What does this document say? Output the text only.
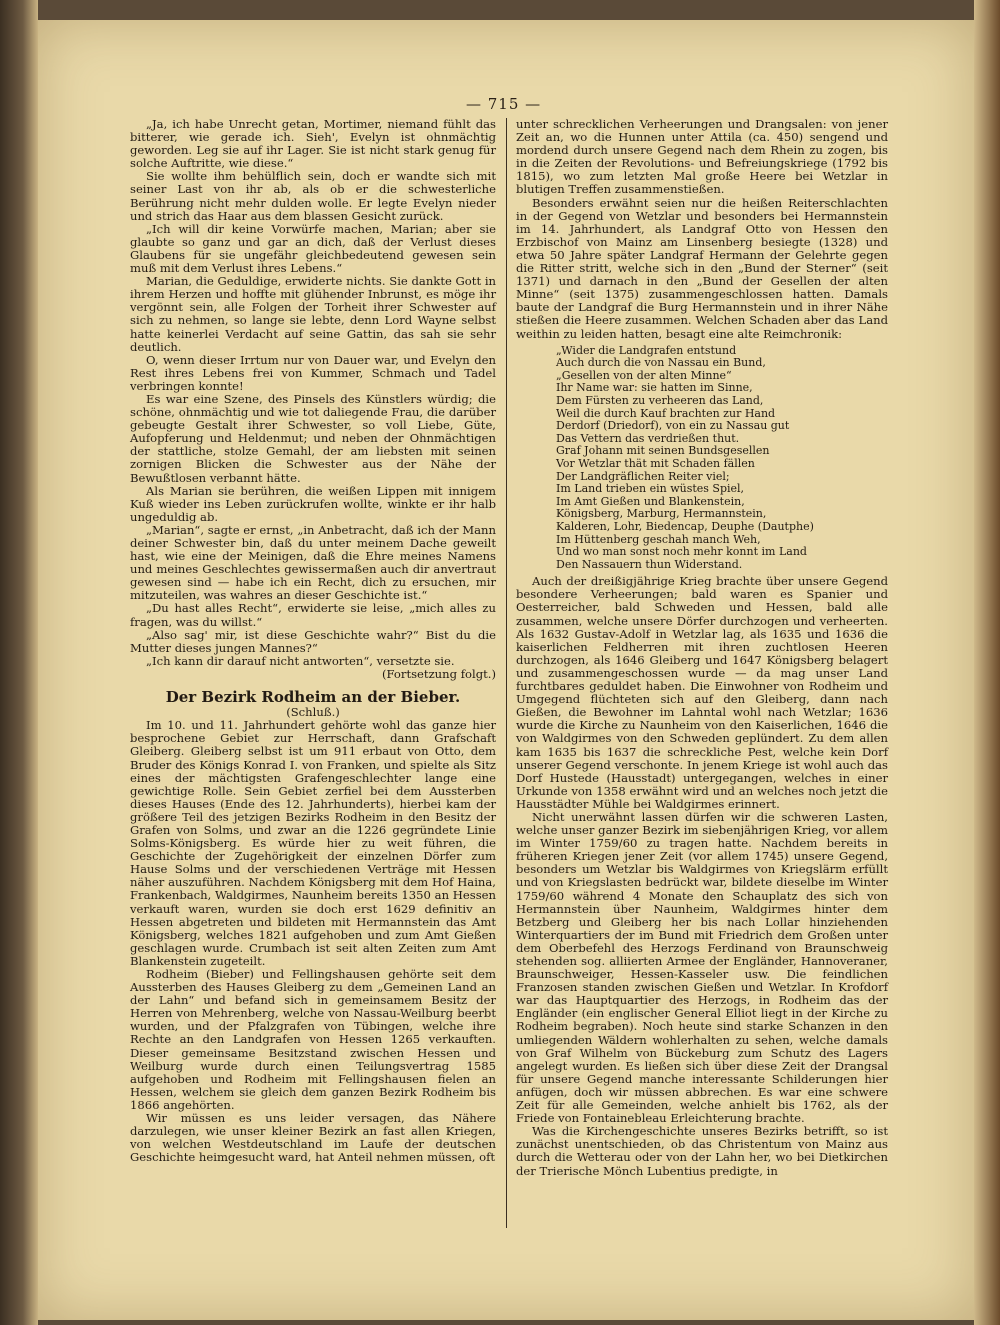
— 715 —

„Ja, ich habe Unrecht getan, Mortimer, niemand fühlt das bitterer, wie gerade ich. Sieh', Evelyn ist ohnmächtig geworden. Leg sie auf ihr Lager. Sie ist nicht stark genug für solche Auftritte, wie diese.“

Sie wollte ihm behülflich sein, doch er wandte sich mit seiner Last von ihr ab, als ob er die schwesterliche Berührung nicht mehr dulden wolle. Er legte Evelyn nieder und strich das Haar aus dem blassen Gesicht zurück.

„Ich will dir keine Vorwürfe machen, Marian; aber sie glaubte so ganz und gar an dich, daß der Verlust dieses Glaubens für sie ungefähr gleichbedeutend gewesen sein muß mit dem Verlust ihres Lebens.“

Marian, die Geduldige, erwiderte nichts. Sie dankte Gott in ihrem Herzen und hoffte mit glühender Inbrunst, es möge ihr vergönnt sein, alle Folgen der Torheit ihrer Schwester auf sich zu nehmen, so lange sie lebte, denn Lord Wayne selbst hatte keinerlei Verdacht auf seine Gattin, das sah sie sehr deutlich.

O, wenn dieser Irrtum nur von Dauer war, und Evelyn den Rest ihres Lebens frei von Kummer, Schmach und Tadel verbringen konnte!

Es war eine Szene, des Pinsels des Künstlers würdig; die schöne, ohnmächtig und wie tot daliegende Frau, die darüber gebeugte Gestalt ihrer Schwester, so voll Liebe, Güte, Aufopferung und Heldenmut; und neben der Ohnmächtigen der stattliche, stolze Gemahl, der am liebsten mit seinen zornigen Blicken die Schwester aus der Nähe der Bewußtlosen verbannt hätte.

Als Marian sie berühren, die weißen Lippen mit innigem Kuß wieder ins Leben zurückrufen wollte, winkte er ihr halb ungeduldig ab.

„Marian“, sagte er ernst, „in Anbetracht, daß ich der Mann deiner Schwester bin, daß du unter meinem Dache geweilt hast, wie eine der Meinigen, daß die Ehre meines Namens und meines Geschlechtes gewissermaßen auch dir anvertraut gewesen sind — habe ich ein Recht, dich zu ersuchen, mir mitzuteilen, was wahres an dieser Geschichte ist.“

„Du hast alles Recht“, erwiderte sie leise, „mich alles zu fragen, was du willst.“

„Also sag' mir, ist diese Geschichte wahr?“ Bist du die Mutter dieses jungen Mannes?“

„Ich kann dir darauf nicht antworten“, versetzte sie.

(Fortsetzung folgt.)

Der Bezirk Rodheim an der Bieber.

(Schluß.)

Im 10. und 11. Jahrhundert gehörte wohl das ganze hier besprochene Gebiet zur Herrschaft, dann Grafschaft Gleiberg. Gleiberg selbst ist um 911 erbaut von Otto, dem Bruder des Königs Konrad I. von Franken, und spielte als Sitz eines der mächtigsten Grafengeschlechter lange eine gewichtige Rolle. Sein Gebiet zerfiel bei dem Aussterben dieses Hauses (Ende des 12. Jahrhunderts), hierbei kam der größere Teil des jetzigen Bezirks Rodheim in den Besitz der Grafen von Solms, und zwar an die 1226 gegründete Linie Solms-Königsberg. Es würde hier zu weit führen, die Geschichte der Zugehörigkeit der einzelnen Dörfer zum Hause Solms und der verschiedenen Verträge mit Hessen näher auszuführen. Nachdem Königsberg mit dem Hof Haina, Frankenbach, Waldgirmes, Naunheim bereits 1350 an Hessen verkauft waren, wurden sie doch erst 1629 definitiv an Hessen abgetreten und bildeten mit Hermannstein das Amt Königsberg, welches 1821 aufgehoben und zum Amt Gießen geschlagen wurde. Crumbach ist seit alten Zeiten zum Amt Blankenstein zugeteilt.

Rodheim (Bieber) und Fellingshausen gehörte seit dem Aussterben des Hauses Gleiberg zu dem „Gemeinen Land an der Lahn“ und befand sich in gemeinsamem Besitz der Herren von Mehrenberg, welche von Nassau-Weilburg beerbt wurden, und der Pfalzgrafen von Tübingen, welche ihre Rechte an den Landgrafen von Hessen 1265 verkauften. Dieser gemeinsame Besitzstand zwischen Hessen und Weilburg wurde durch einen Teilungsvertrag 1585 aufgehoben und Rodheim mit Fellingshausen fielen an Hessen, welchem sie gleich dem ganzen Bezirk Rodheim bis 1866 angehörten.

Wir müssen es uns leider versagen, das Nähere darzulegen, wie unser kleiner Bezirk an fast allen Kriegen, von welchen Westdeutschland im Laufe der deutschen Geschichte heimgesucht ward, hat Anteil nehmen müssen, oft

unter schrecklichen Verheerungen und Drangsalen: von jener Zeit an, wo die Hunnen unter Attila (ca. 450) sengend und mordend durch unsere Gegend nach dem Rhein zu zogen, bis in die Zeiten der Revolutions- und Befreiungskriege (1792 bis 1815), wo zum letzten Mal große Heere bei Wetzlar in blutigen Treffen zusammenstießen.

Besonders erwähnt seien nur die heißen Reiterschlachten in der Gegend von Wetzlar und besonders bei Hermannstein im 14. Jahrhundert, als Landgraf Otto von Hessen den Erzbischof von Mainz am Linsenberg besiegte (1328) und etwa 50 Jahre später Landgraf Hermann der Gelehrte gegen die Ritter stritt, welche sich in den „Bund der Sterner“ (seit 1371) und darnach in den „Bund der Gesellen der alten Minne“ (seit 1375) zusammengeschlossen hatten. Damals baute der Landgraf die Burg Hermannstein und in ihrer Nähe stießen die Heere zusammen. Welchen Schaden aber das Land weithin zu leiden hatten, besagt eine alte Reimchronik:

„Wider die Landgrafen entstund
Auch durch die von Nassau ein Bund,
„Gesellen von der alten Minne“
Ihr Name war: sie hatten im Sinne,
Dem Fürsten zu verheeren das Land,
Weil die durch Kauf brachten zur Hand
Derdorf (Driedorf), von ein zu Nassau gut
Das Vettern das verdrießen thut.
Graf Johann mit seinen Bundsgesellen
Vor Wetzlar thät mit Schaden fällen
Der Landgräflichen Reiter viel;
Im Land trieben ein wüstes Spiel,
Im Amt Gießen und Blankenstein,
Königsberg, Marburg, Hermannstein,
Kalderen, Lohr, Biedencap, Deuphe (Dautphe)
Im Hüttenberg geschah manch Weh,
Und wo man sonst noch mehr konnt im Land
Den Nassauern thun Widerstand.

Auch der dreißigjährige Krieg brachte über unsere Gegend besondere Verheerungen; bald waren es Spanier und Oesterreicher, bald Schweden und Hessen, bald alle zusammen, welche unsere Dörfer durchzogen und verheerten. Als 1632 Gustav-Adolf in Wetzlar lag, als 1635 und 1636 die kaiserlichen Feldherren mit ihren zuchtlosen Heeren durchzogen, als 1646 Gleiberg und 1647 Königsberg belagert und zusammengeschossen wurde — da mag unser Land furchtbares geduldet haben. Die Einwohner von Rodheim und Umgegend flüchteten sich auf den Gleiberg, dann nach Gießen, die Bewohner im Lahntal wohl nach Wetzlar; 1636 wurde die Kirche zu Naunheim von den Kaiserlichen, 1646 die von Waldgirmes von den Schweden geplündert. Zu dem allen kam 1635 bis 1637 die schreckliche Pest, welche kein Dorf unserer Gegend verschonte. In jenem Kriege ist wohl auch das Dorf Hustede (Hausstadt) untergegangen, welches in einer Urkunde von 1358 erwähnt wird und an welches noch jetzt die Hausstädter Mühle bei Waldgirmes erinnert.

Nicht unerwähnt lassen dürfen wir die schweren Lasten, welche unser ganzer Bezirk im siebenjährigen Krieg, vor allem im Winter 1759/60 zu tragen hatte. Nachdem bereits in früheren Kriegen jener Zeit (vor allem 1745) unsere Gegend, besonders um Wetzlar bis Waldgirmes von Kriegslärm erfüllt und von Kriegslasten bedrückt war, bildete dieselbe im Winter 1759/60 während 4 Monate den Schauplatz des sich von Hermannstein über Naunheim, Waldgirmes hinter dem Betzberg und Gleiberg her bis nach Lollar hinziehenden Winterquartiers der im Bund mit Friedrich dem Großen unter dem Oberbefehl des Herzogs Ferdinand von Braunschweig stehenden sog. alliierten Armee der Engländer, Hannoveraner, Braunschweiger, Hessen-Kasseler usw. Die feindlichen Franzosen standen zwischen Gießen und Wetzlar. In Krofdorf war das Hauptquartier des Herzogs, in Rodheim das der Engländer (ein englischer General Elliot liegt in der Kirche zu Rodheim begraben). Noch heute sind starke Schanzen in den umliegenden Wäldern wohlerhalten zu sehen, welche damals von Graf Wilhelm von Bückeburg zum Schutz des Lagers angelegt wurden. Es ließen sich über diese Zeit der Drangsal für unsere Gegend manche interessante Schilderungen hier anfügen, doch wir müssen abbrechen. Es war eine schwere Zeit für alle Gemeinden, welche anhielt bis 1762, als der Friede von Fontainebleau Erleichterung brachte.

Was die Kirchengeschichte unseres Bezirks betrifft, so ist zunächst unentschieden, ob das Christentum von Mainz aus durch die Wetterau oder von der Lahn her, wo bei Dietkirchen der Trierische Mönch Lubentius predigte, in
